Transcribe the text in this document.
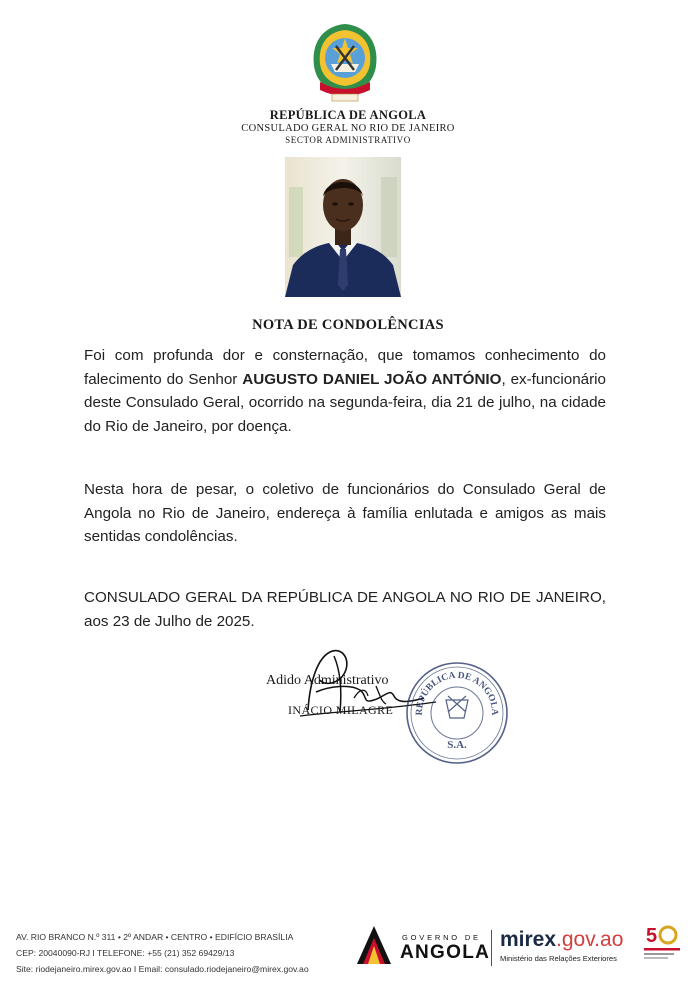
REPÚBLICA DE ANGOLA
CONSULADO GERAL NO RIO DE JANEIRO
SECTOR ADMINISTRATIVO
NOTA DE CONDOLÊNCIAS
Foi com profunda dor e consternação, que tomamos conhecimento do falecimento do Senhor AUGUSTO DANIEL JOÃO ANTÓNIO, ex-funcionário deste Consulado Geral, ocorrido na segunda-feira, dia 21 de julho, na cidade do Rio de Janeiro, por doença.
Nesta hora de pesar, o coletivo de funcionários do Consulado Geral de Angola no Rio de Janeiro, endereça à família enlutada e amigos as mais sentidas condolências.
CONSULADO GERAL DA REPÚBLICA DE ANGOLA NO RIO DE JANEIRO, aos 23 de Julho de 2025.
Adido Administrativo
INÁCIO MILAGRE REPÚBLICA DE ANGOLA
S.A.
AV. RIO BRANCO N.º 311 • 2º ANDAR • CENTRO • EDIFÍCIO BRASÍLIA
CEP: 20040090-RJ I TELEFONE: +55 (21) 352 69429/13
Site: riodejaneiro.mirex.gov.ao I Email: consulado.riodejaneiro@mirex.gov.ao
GOVERNO DE
ANGOLA
mirex.gov.ao
Ministério das Relações Exteriores
5
